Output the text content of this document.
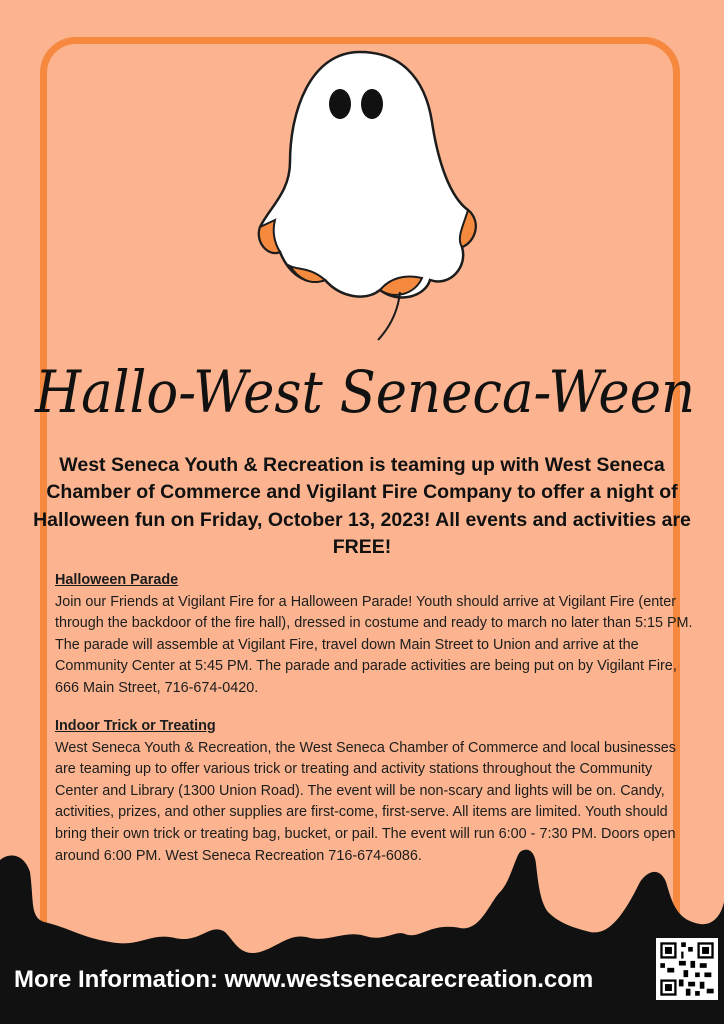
Hallo-West Seneca-Ween
West Seneca Youth & Recreation is teaming up with West Seneca Chamber of Commerce and Vigilant Fire Company to offer a night of Halloween fun on Friday, October 13, 2023! All events and activities are FREE!
Halloween Parade

Join our Friends at Vigilant Fire for a Halloween Parade! Youth should arrive at Vigilant Fire (enter through the backdoor of the fire hall), dressed in costume and ready to march no later than 5:15 PM. The parade will assemble at Vigilant Fire, travel down Main Street to Union and arrive at the Community Center at 5:45 PM. The parade and parade activities are being put on by Vigilant Fire, 666 Main Street, 716-674-0420.

Indoor Trick or Treating

West Seneca Youth & Recreation, the West Seneca Chamber of Commerce and local businesses are teaming up to offer various trick or treating and activity stations throughout the Community Center and Library (1300 Union Road). The event will be non-scary and lights will be on. Candy, activities, prizes, and other supplies are first-come, first-serve. All items are limited. Youth should bring their own trick or treating bag, bucket, or pail. The event will run 6:00 - 7:30 PM. Doors open around 6:00 PM. West Seneca Recreation 716-674-6086.

More Information: www.westsenecarecreation.com
